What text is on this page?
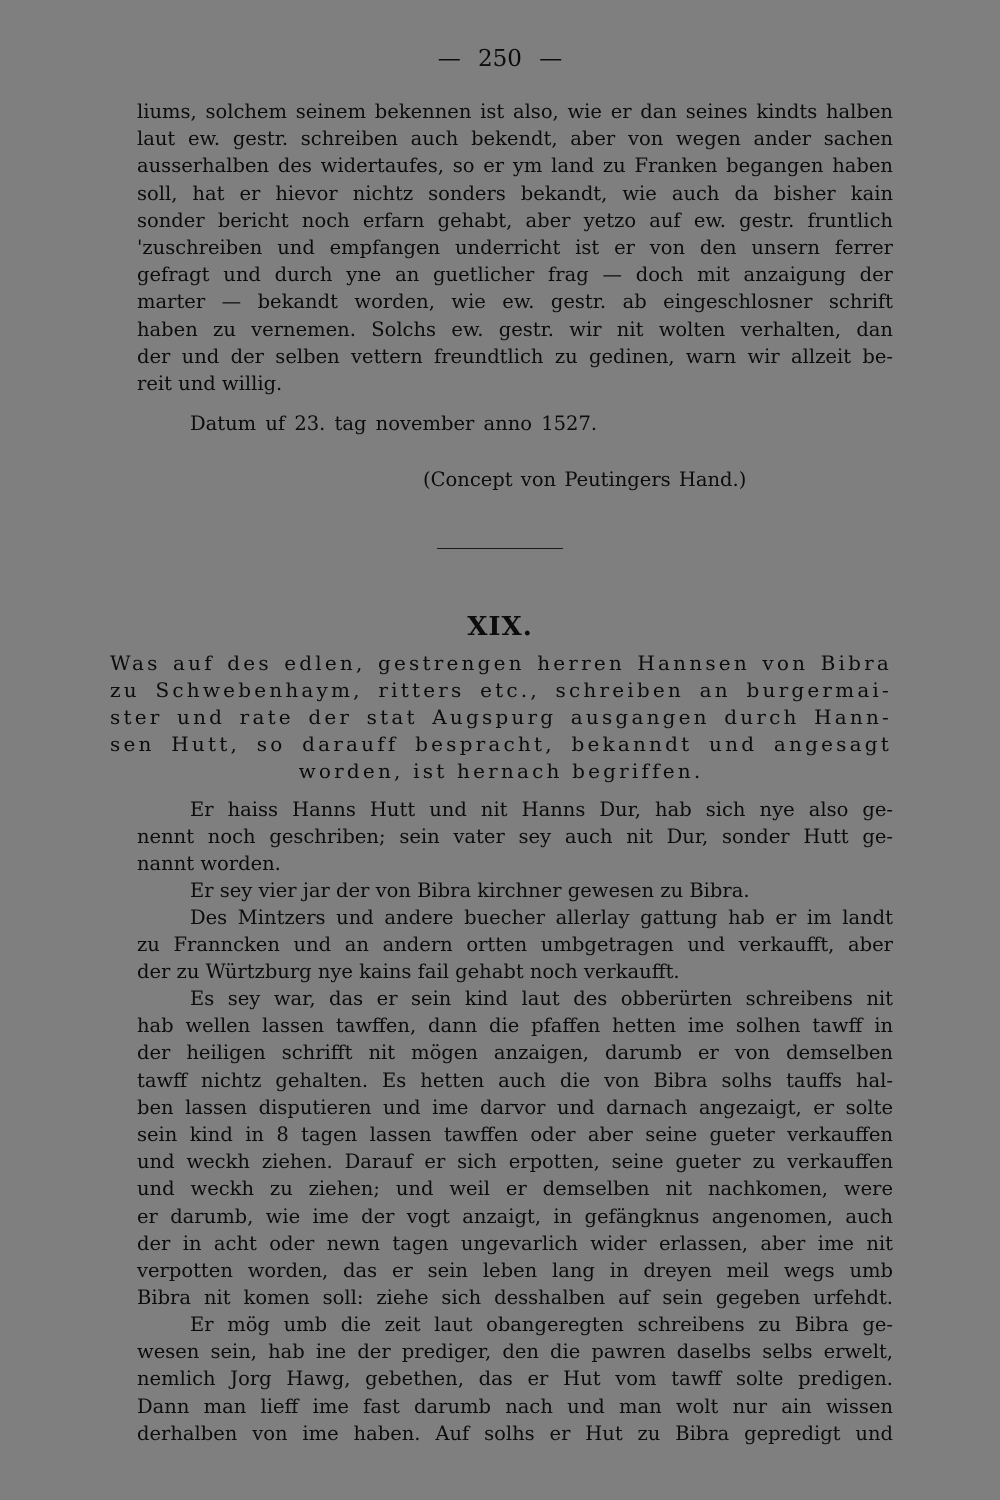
— 250 —
liums, solchem seinem bekennen ist also, wie er dan seines kindts halben
laut ew. gestr. schreiben auch bekendt, aber von wegen ander sachen
ausserhalben des widertaufes, so er ym land zu Franken begangen haben
soll, hat er hievor nichtz sonders bekandt, wie auch da bisher kain
sonder bericht noch erfarn gehabt, aber yetzo auf ew. gestr. fruntlich
'zuschreiben und empfangen underricht ist er von den unsern ferrer
gefragt und durch yne an guetlicher frag — doch mit anzaigung der
marter — bekandt worden, wie ew. gestr. ab eingeschlosner schrift
haben zu vernemen. Solchs ew. gestr. wir nit wolten verhalten, dan
der und der selben vettern freundtlich zu gedinen, warn wir allzeit be-
reit und willig.
Datum uf 23. tag november anno 1527.
(Concept von Peutingers Hand.)
XIX.
Was auf des edlen, gestrengen herren Hannsen von Bibra
zu Schwebenhaym, ritters etc., schreiben an burgermai-
ster und rate der stat Augspurg ausgangen durch Hann-
sen Hutt, so darauff bespracht, bekanndt und angesagt
worden, ist hernach begriffen.
Er haiss Hanns Hutt und nit Hanns Dur, hab sich nye also ge-
nennt noch geschriben; sein vater sey auch nit Dur, sonder Hutt ge-
nannt worden.
Er sey vier jar der von Bibra kirchner gewesen zu Bibra.
Des Mintzers und andere buecher allerlay gattung hab er im landt
zu Franncken und an andern ortten umbgetragen und verkaufft, aber
der zu Würtzburg nye kains fail gehabt noch verkaufft.
Es sey war, das er sein kind laut des obberürten schreibens nit
hab wellen lassen tawffen, dann die pfaffen hetten ime solhen tawff in
der heiligen schrifft nit mögen anzaigen, darumb er von demselben
tawff nichtz gehalten. Es hetten auch die von Bibra solhs tauffs hal-
ben lassen disputieren und ime darvor und darnach angezaigt, er solte
sein kind in 8 tagen lassen tawffen oder aber seine gueter verkauffen
und weckh ziehen. Darauf er sich erpotten, seine gueter zu verkauffen
und weckh zu ziehen; und weil er demselben nit nachkomen, were
er darumb, wie ime der vogt anzaigt, in gefängknus angenomen, auch
der in acht oder newn tagen ungevarlich wider erlassen, aber ime nit
verpotten worden, das er sein leben lang in dreyen meil wegs umb
Bibra nit komen soll: ziehe sich desshalben auf sein gegeben urfehdt.
Er mög umb die zeit laut obangeregten schreibens zu Bibra ge-
wesen sein, hab ine der prediger, den die pawren daselbs selbs erwelt,
nemlich Jorg Hawg, gebethen, das er Hut vom tawff solte predigen.
Dann man lieff ime fast darumb nach und man wolt nur ain wissen
derhalben von ime haben. Auf solhs er Hut zu Bibra gepredigt und
